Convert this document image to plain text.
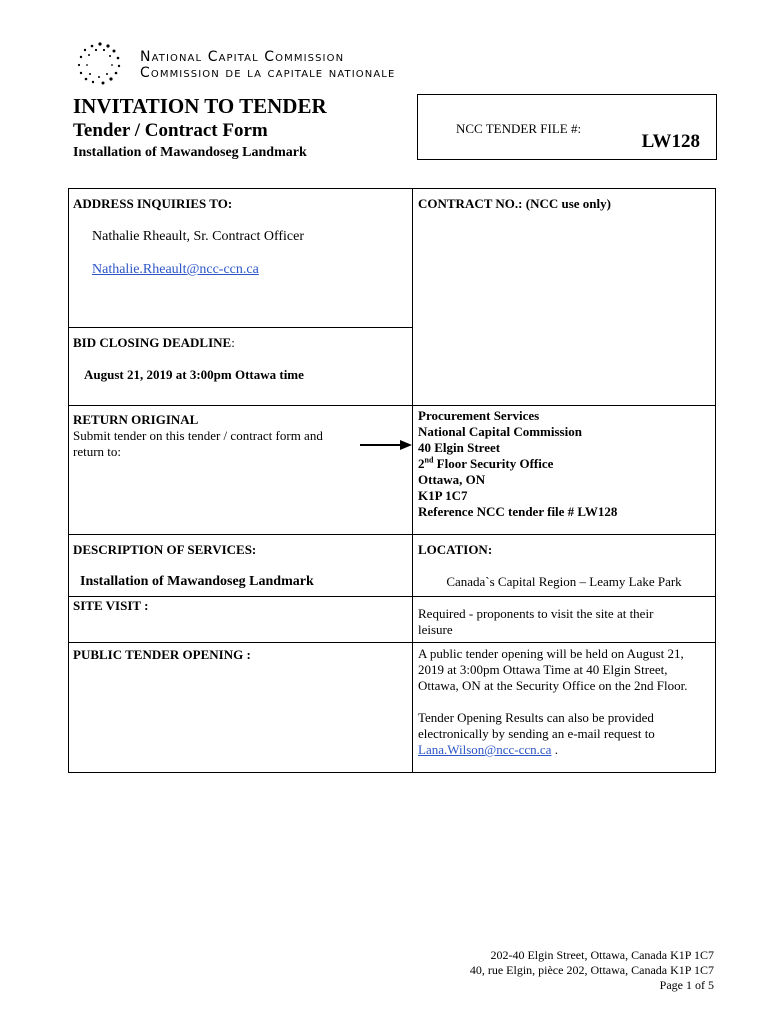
National Capital Commission
Commission de la capitale nationale
INVITATION TO TENDER
Tender / Contract Form
Installation of Mawandoseg Landmark
NCC TENDER FILE #:
LW128
ADDRESS INQUIRIES TO:
Nathalie Rheault, Sr. Contract Officer
Nathalie.Rheault@ncc-ccn.ca
CONTRACT NO.: (NCC use only)
BID CLOSING DEADLINE:
August 21, 2019 at 3:00pm Ottawa time
RETURN ORIGINAL
Submit tender on this tender / contract form and
return to:
Procurement Services
National Capital Commission
40 Elgin Street
2nd Floor Security Office
Ottawa, ON
K1P 1C7
Reference NCC tender file # LW128
DESCRIPTION OF SERVICES:
Installation of Mawandoseg Landmark
LOCATION:
Canada`s Capital Region – Leamy Lake Park
SITE VISIT :
Required - proponents to visit the site at their
leisure
PUBLIC TENDER OPENING :	A public tender opening will be held on August 21,
2019 at 3:00pm Ottawa Time at 40 Elgin Street,
Ottawa, ON at the Security Office on the 2nd Floor.
Tender Opening Results can also be provided
electronically by sending an e-mail request to
Lana.Wilson@ncc-ccn.ca .
202-40 Elgin Street, Ottawa, Canada K1P 1C7
40, rue Elgin, pièce 202, Ottawa, Canada K1P 1C7
Page 1 of 5
